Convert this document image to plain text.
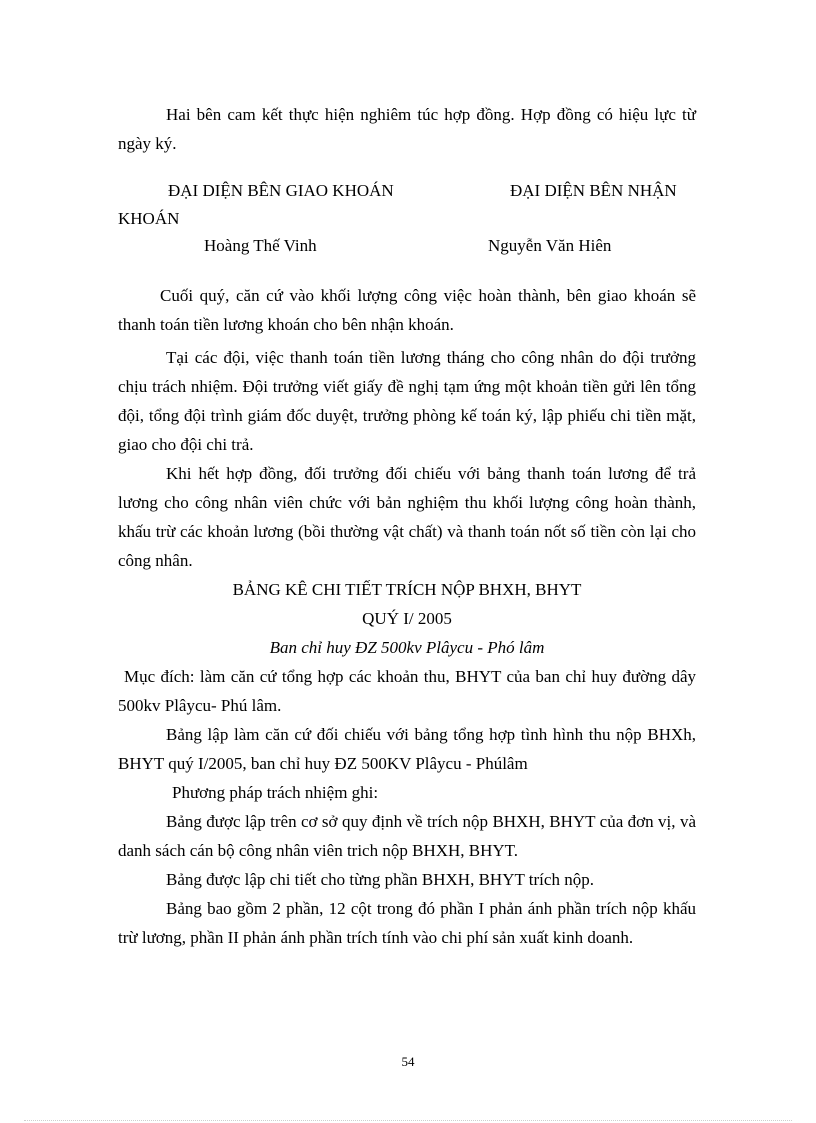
Hai bên cam kết thực hiện nghiêm túc hợp đồng. Hợp đồng có hiệu lực từ ngày ký.

ĐẠI DIỆN BÊN GIAO KHOÁN	ĐẠI DIỆN BÊN NHẬN
KHOÁN
Hoàng Thế Vinh	Nguyễn Văn Hiên

Cuối quý, căn cứ vào khối lượng công việc hoàn thành, bên giao khoán sẽ thanh toán tiền lương khoán cho bên nhận khoán.

Tại các đội, việc thanh toán tiền lương tháng cho công nhân do đội trưởng chịu trách nhiệm. Đội trưởng viết giấy đề nghị tạm ứng một khoản tiền gửi lên tổng đội, tổng đội trình giám đốc duyệt, trưởng phòng kế toán ký, lập phiếu chi tiền mặt, giao cho đội chi trả.

Khi hết hợp đồng, đối trưởng đối chiếu với bảng thanh toán lương để trả lương cho công nhân viên chức với bản nghiệm thu khối lượng công hoàn thành, khấu trừ các khoản lương (bồi thường vật chất) và thanh toán nốt số tiền còn lại cho công nhân.

BẢNG KÊ CHI TIẾT TRÍCH NỘP BHXH, BHYT

QUÝ I/ 2005

Ban chỉ huy ĐZ 500kv Plâycu - Phó lâm

Mục đích: làm căn cứ tổng hợp các khoản thu, BHYT của ban chỉ huy đường dây 500kv Plâycu- Phú lâm.

Bảng lập làm căn cứ đối chiếu với bảng tổng hợp tình hình thu nộp BHXh, BHYT quý I/2005, ban chỉ huy ĐZ 500KV Plâycu - Phúlâm

Phương pháp trách nhiệm ghi:

Bảng được lập trên cơ sở quy định về trích nộp BHXH, BHYT của đơn vị, và danh sách cán bộ công nhân viên trich nộp BHXH, BHYT.

Bảng được lập chi tiết cho từng phần BHXH, BHYT trích nộp.

Bảng bao gồm 2 phần, 12 cột trong đó phần I phản ánh phần trích nộp khấu trừ lương, phần II phản ánh phần trích tính vào chi phí sản xuất kinh doanh.

54
